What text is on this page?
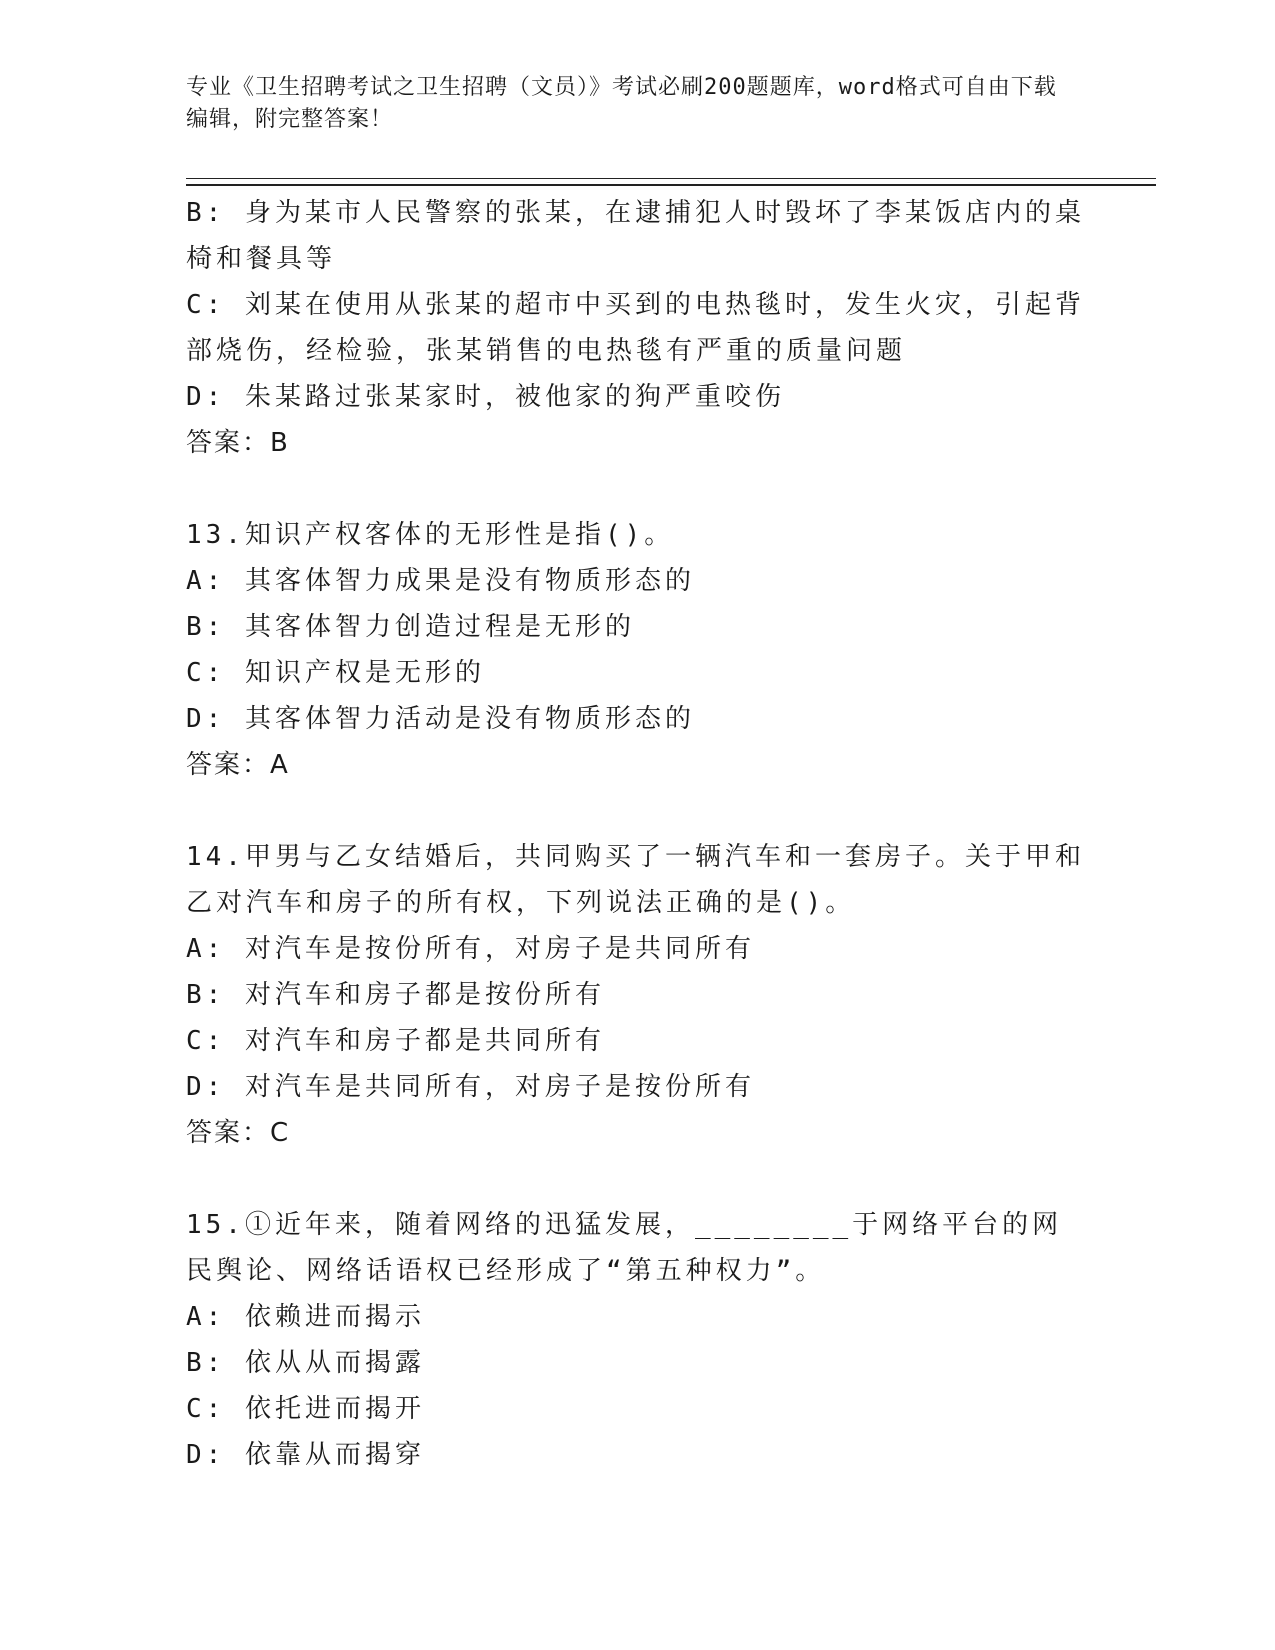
专业《卫生招聘考试之卫生招聘（文员）》考试必刷200题题库，word格式可自由下载编辑，附完整答案！

B: 身为某市人民警察的张某，在逮捕犯人时毁坏了李某饭店内的桌椅和餐具等

C: 刘某在使用从张某的超市中买到的电热毯时，发生火灾，引起背部烧伤，经检验，张某销售的电热毯有严重的质量问题

D: 朱某路过张某家时，被他家的狗严重咬伤

答案：B

13.知识产权客体的无形性是指()。

A: 其客体智力成果是没有物质形态的

B: 其客体智力创造过程是无形的

C: 知识产权是无形的

D: 其客体智力活动是没有物质形态的

答案：A

14.甲男与乙女结婚后，共同购买了一辆汽车和一套房子。关于甲和乙对汽车和房子的所有权，下列说法正确的是()。

A: 对汽车是按份所有，对房子是共同所有

B: 对汽车和房子都是按份所有

C: 对汽车和房子都是共同所有

D: 对汽车是共同所有，对房子是按份所有

答案：C

15.①近年来，随着网络的迅猛发展，________于网络平台的网民舆论、网络话语权已经形成了“第五种权力”。

A: 依赖进而揭示

B: 依从从而揭露

C: 依托进而揭开

D: 依靠从而揭穿
